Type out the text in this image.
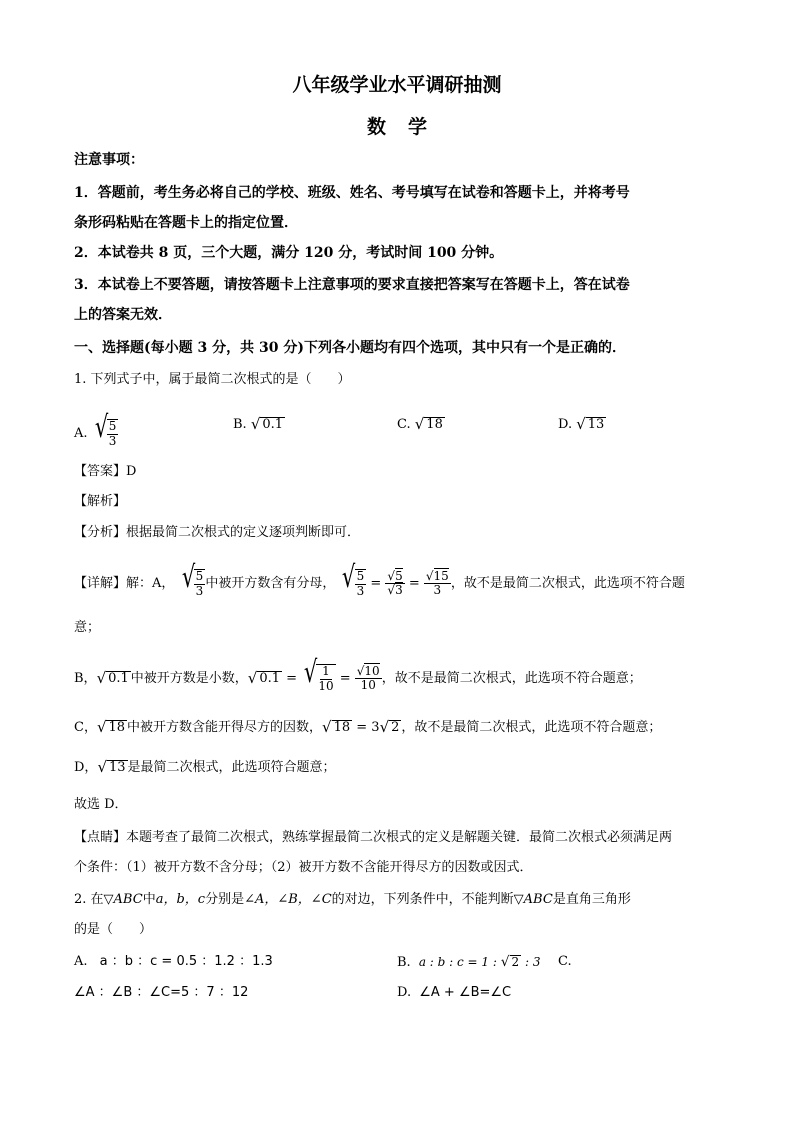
八年级学业水平调研抽测
数学
注意事项：
1．答题前，考生务必将自己的学校、班级、姓名、考号填写在试卷和答题卡上，并将考号
条形码粘贴在答题卡上的指定位置．
2．本试卷共 8 页，三个大题，满分 120 分，考试时间 100 分钟。
3．本试卷上不要答题，请按答题卡上注意事项的要求直接把答案写在答题卡上，答在试卷
上的答案无效．
一、选择题(每小题 3 分，共 30 分)下列各小题均有四个选项，其中只有一个是正确的．
1. 下列式子中，属于最简二次根式的是（　　）
A. √
$\frac{5}{3}$	B. √ 0.1	C. √ 18	D. √ 13
【答案】D
【解析】
【分析】根据最简二次根式的定义逐项判断即可．
【详解】解：A， √
$\frac{5}{3}$ 中被开方数含有分母， √
$\frac{5}{3} = \frac{√5}{√3} = \frac{√15}{3}$ ，故不是最简二次根式，此选项不符合题
意；
B， √ 0.1 中被开方数是小数， √ 0.1 = √
$\frac{1}{10} = \frac{√10}{10}$ ，故不是最简二次根式，此选项不符合题意；
C， √ 18 中被开方数含能开得尽方的因数， √ 18 = 3 √ 2 ，故不是最简二次根式，此选项不符合题意；
D， √ 13 是最简二次根式，此选项符合题意；
故选 D．
【点睛】本题考查了最简二次根式，熟练掌握最简二次根式的定义是解题关键．最简二次根式必须满足两
个条件：（1）被开方数不含分母；（2）被开方数不含能开得尽方的因数或因式．
2. 在▽ABC中a，b，c分别是∠A，∠B，∠C的对边，下列条件中，不能判断▽ABC是直角三角形
的是（　　）
A. a ：b ：c = 0.5 ：1.2 ：1.3	B. a : b : c = 1 : √ 2 : 3 C.
∠A ：∠B ：∠C=5 ：7 ：12	D. ∠A + ∠B=∠C
